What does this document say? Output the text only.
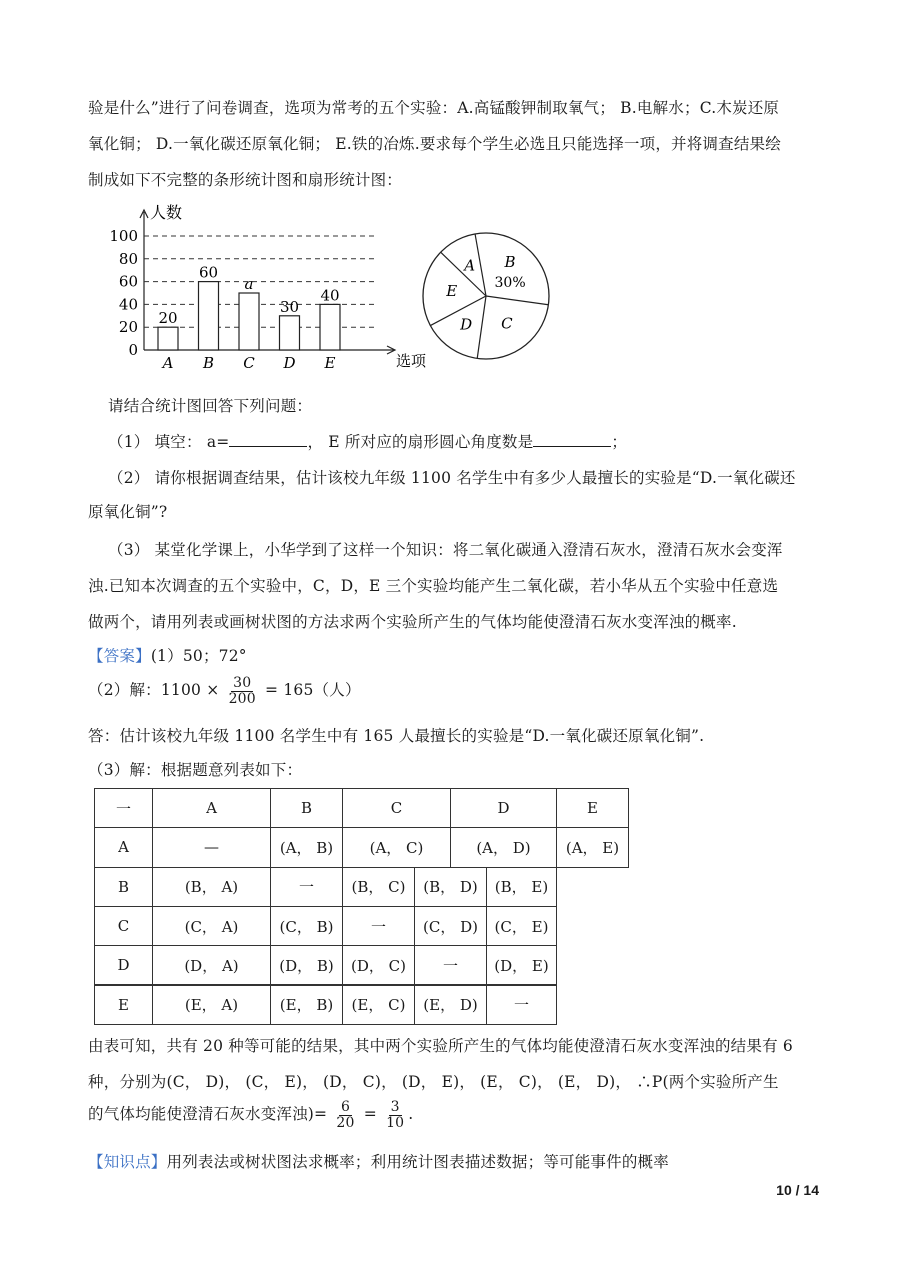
验是什么”进行了问卷调查，选项为常考的五个实验：A.高锰酸钾制取氧气； B.电解水；C.木炭还原
氧化铜； D.一氧化碳还原氧化铜； E.铁的冶炼.要求每个学生必选且只能选择一项，并将调查结果绘
制成如下不完整的条形统计图和扇形统计图：
0
20
40
60
80
100
人数
选项
20
A
60
B
a
C
30
D
40
E
B
30%
C
D
E
A
请结合统计图回答下列问题：
（1） 填空： a=	， E 所对应的扇形圆心角度数是	；
（2） 请你根据调查结果，估计该校九年级 1100 名学生中有多少人最擅长的实验是“D.一氧化碳还
原氧化铜”?
（3） 某堂化学课上，小华学到了这样一个知识：将二氧化碳通入澄清石灰水，澄清石灰水会变浑
浊.已知本次调查的五个实验中，C，D，E 三个实验均能产生二氧化碳，若小华从五个实验中任意选
做两个，请用列表或画树状图的方法求两个实验所产生的气体均能使澄清石灰水变浑浊的概率.
【答案】(1）50；72°
（2）解：$1100 \times \frac{30}{200} = 165$（人）
答：估计该校九年级 1100 名学生中有 165 人最擅长的实验是“D.一氧化碳还原氧化铜”.
（3）解：根据题意列表如下：
一	A	B	C	D	E
A	—	(A， B)	(A， C)	(A， D)	(A， E)
B	(B， A)	一	(B， C)	(B， D)	(B， E)
C	(C， A)	(C， B)	一	(C， D)	(C， E)
D	(D， A)	(D， B)	(D， C)	一	(D， E)
E	(E， A)	(E， B)	(E， C)	(E， D)	一
由表可知，共有 20 种等可能的结果，其中两个实验所产生的气体均能使澄清石灰水变浑浊的结果有 6
种，分别为(C， D)， (C， E)， (D， C)， (D， E)， (E， C)， (E， D)， ∴P(两个实验所产生
的气体均能使澄清石灰水变浑浊)= $\frac{6}{20} = \frac{3}{10}$ .
【知识点】用列表法或树状图法求概率；利用统计图表描述数据；等可能事件的概率
10 / 14
